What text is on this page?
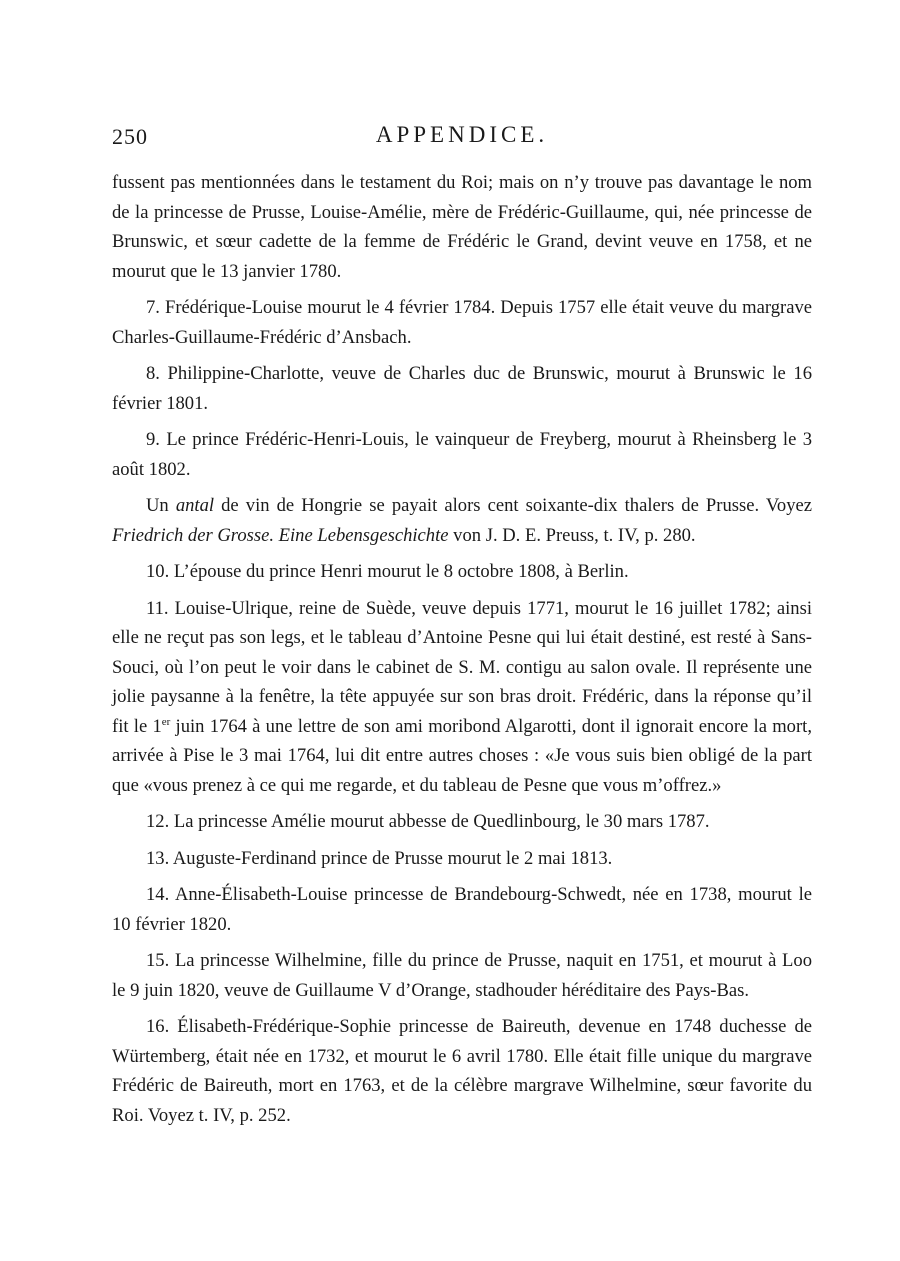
250	APPENDICE.

fussent pas mentionnées dans le testament du Roi; mais on n’y trouve pas davantage le nom de la princesse de Prusse, Louise-Amélie, mère de Frédéric-Guillaume, qui, née princesse de Brunswic, et sœur cadette de la femme de Frédéric le Grand, devint veuve en 1758, et ne mourut que le 13 janvier 1780.

7. Frédérique-Louise mourut le 4 février 1784. Depuis 1757 elle était veuve du margrave Charles-Guillaume-Frédéric d’Ansbach.

8. Philippine-Charlotte, veuve de Charles duc de Brunswic, mourut à Brunswic le 16 février 1801.

9. Le prince Frédéric-Henri-Louis, le vainqueur de Freyberg, mourut à Rheinsberg le 3 août 1802.

Un antal de vin de Hongrie se payait alors cent soixante-dix thalers de Prusse. Voyez Friedrich der Grosse. Eine Lebensgeschichte von J. D. E. Preuss, t. IV, p. 280.

10. L’épouse du prince Henri mourut le 8 octobre 1808, à Berlin.

11. Louise-Ulrique, reine de Suède, veuve depuis 1771, mourut le 16 juillet 1782; ainsi elle ne reçut pas son legs, et le tableau d’Antoine Pesne qui lui était destiné, est resté à Sans-Souci, où l’on peut le voir dans le cabinet de S. M. contigu au salon ovale. Il représente une jolie paysanne à la fenêtre, la tête appuyée sur son bras droit. Frédéric, dans la réponse qu’il fit le 1er juin 1764 à une lettre de son ami moribond Algarotti, dont il ignorait encore la mort, arrivée à Pise le 3 mai 1764, lui dit entre autres choses : «Je vous suis bien obligé de la part que «vous prenez à ce qui me regarde, et du tableau de Pesne que vous m’offrez.»

12. La princesse Amélie mourut abbesse de Quedlinbourg, le 30 mars 1787.

13. Auguste-Ferdinand prince de Prusse mourut le 2 mai 1813.

14. Anne-Élisabeth-Louise princesse de Brandebourg-Schwedt, née en 1738, mourut le 10 février 1820.

15. La princesse Wilhelmine, fille du prince de Prusse, naquit en 1751, et mourut à Loo le 9 juin 1820, veuve de Guillaume V d’Orange, stadhouder héréditaire des Pays-Bas.

16. Élisabeth-Frédérique-Sophie princesse de Baireuth, devenue en 1748 duchesse de Würtemberg, était née en 1732, et mourut le 6 avril 1780. Elle était fille unique du margrave Frédéric de Baireuth, mort en 1763, et de la célèbre margrave Wilhelmine, sœur favorite du Roi. Voyez t. IV, p. 252.
